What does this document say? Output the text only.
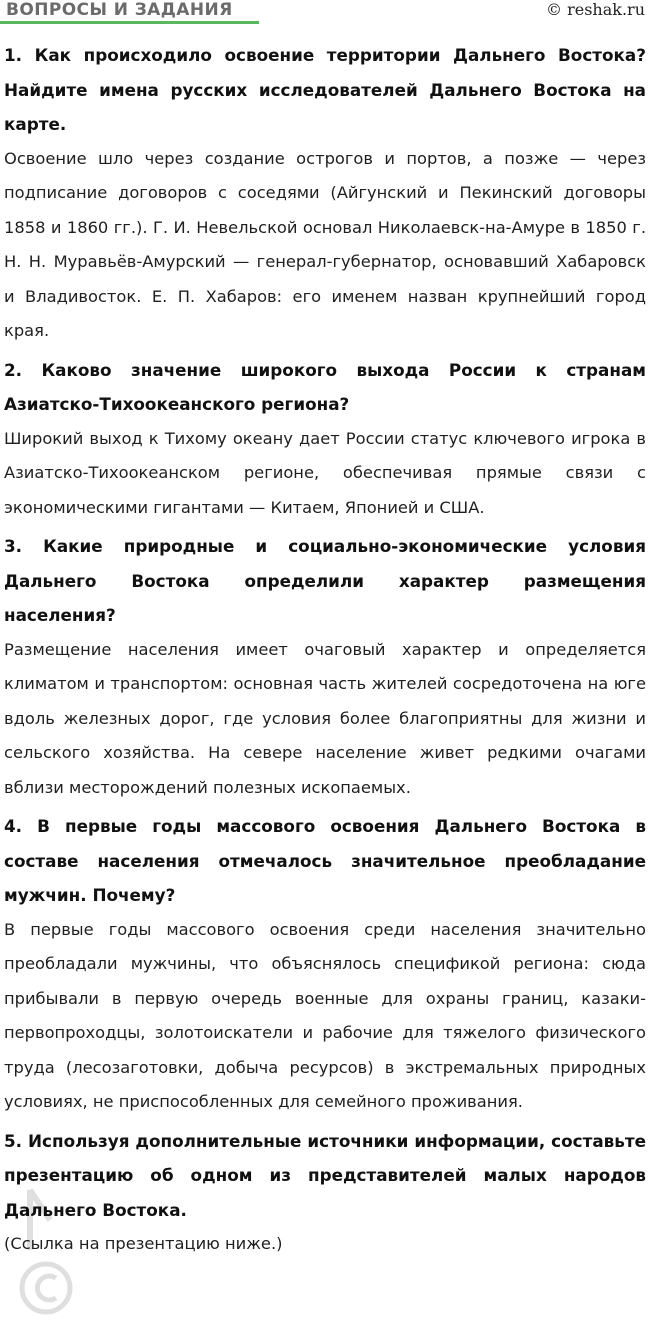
ВОПРОСЫ И ЗАДАНИЯ	© reshak.ru

1. Как происходило освоение территории Дальнего Востока? Найдите имена русских исследователей Дальнего Востока на карте.

Освоение шло через создание острогов и портов, а позже — через подписание договоров с соседями (Айгунский и Пекинский договоры 1858 и 1860 гг.). Г. И. Невельской основал Николаевск-на-Амуре в 1850 г. Н. Н. Муравьёв-Амурский — генерал-губернатор, основавший Хабаровск и Владивосток. Е. П. Хабаров: его именем назван крупнейший город края.

2. Каково значение широкого выхода России к странам Азиатско-Тихоокеанского региона?

Широкий выход к Тихому океану дает России статус ключевого игрока в Азиатско-Тихоокеанском регионе, обеспечивая прямые связи с экономическими гигантами — Китаем, Японией и США.

3. Какие природные и социально-экономические условия Дальнего Востока определили характер размещения населения?

Размещение населения имеет очаговый характер и определяется климатом и транспортом: основная часть жителей сосредоточена на юге вдоль железных дорог, где условия более благоприятны для жизни и сельского хозяйства. На севере население живет редкими очагами вблизи месторождений полезных ископаемых.

4. В первые годы массового освоения Дальнего Востока в составе населения отмечалось значительное преобладание мужчин. Почему?

В первые годы массового освоения среди населения значительно преобладали мужчины, что объяснялось спецификой региона: сюда прибывали в первую очередь военные для охраны границ, казаки-первопроходцы, золотоискатели и рабочие для тяжелого физического труда (лесозаготовки, добыча ресурсов) в экстремальных природных условиях, не приспособленных для семейного проживания.

5. Используя дополнительные источники информации, составьте презентацию об одном из представителей малых народов Дальнего Востока.

(Ссылка на презентацию ниже.)
